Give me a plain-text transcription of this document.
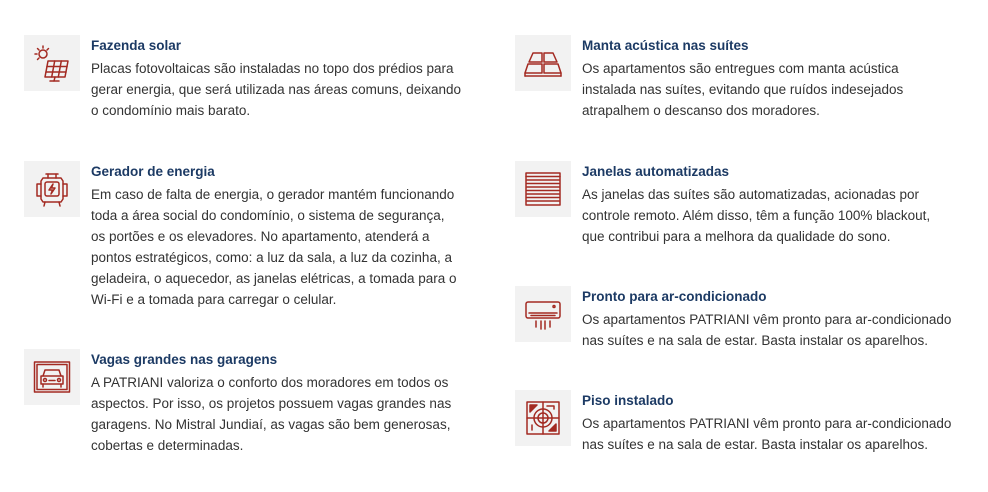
Fazenda solar
Placas fotovoltaicas são instaladas no topo dos prédios para
gerar energia, que será utilizada nas áreas comuns, deixando
o condomínio mais barato.
Gerador de energia
Em caso de falta de energia, o gerador mantém funcionando
toda a área social do condomínio, o sistema de segurança,
os portões e os elevadores. No apartamento, atenderá a
pontos estratégicos, como: a luz da sala, a luz da cozinha, a
geladeira, o aquecedor, as janelas elétricas, a tomada para o
Wi-Fi e a tomada para carregar o celular.
Vagas grandes nas garagens
A PATRIANI valoriza o conforto dos moradores em todos os
aspectos. Por isso, os projetos possuem vagas grandes nas
garagens. No Mistral Jundiaí, as vagas são bem generosas,
cobertas e determinadas.
Manta acústica nas suítes
Os apartamentos são entregues com manta acústica
instalada nas suítes, evitando que ruídos indesejados
atrapalhem o descanso dos moradores.
Janelas automatizadas
As janelas das suítes são automatizadas, acionadas por
controle remoto. Além disso, têm a função 100% blackout,
que contribui para a melhora da qualidade do sono.
Pronto para ar-condicionado
Os apartamentos PATRIANI vêm pronto para ar-condicionado
nas suítes e na sala de estar. Basta instalar os aparelhos.
Piso instalado
Os apartamentos PATRIANI vêm pronto para ar-condicionado
nas suítes e na sala de estar. Basta instalar os aparelhos.
